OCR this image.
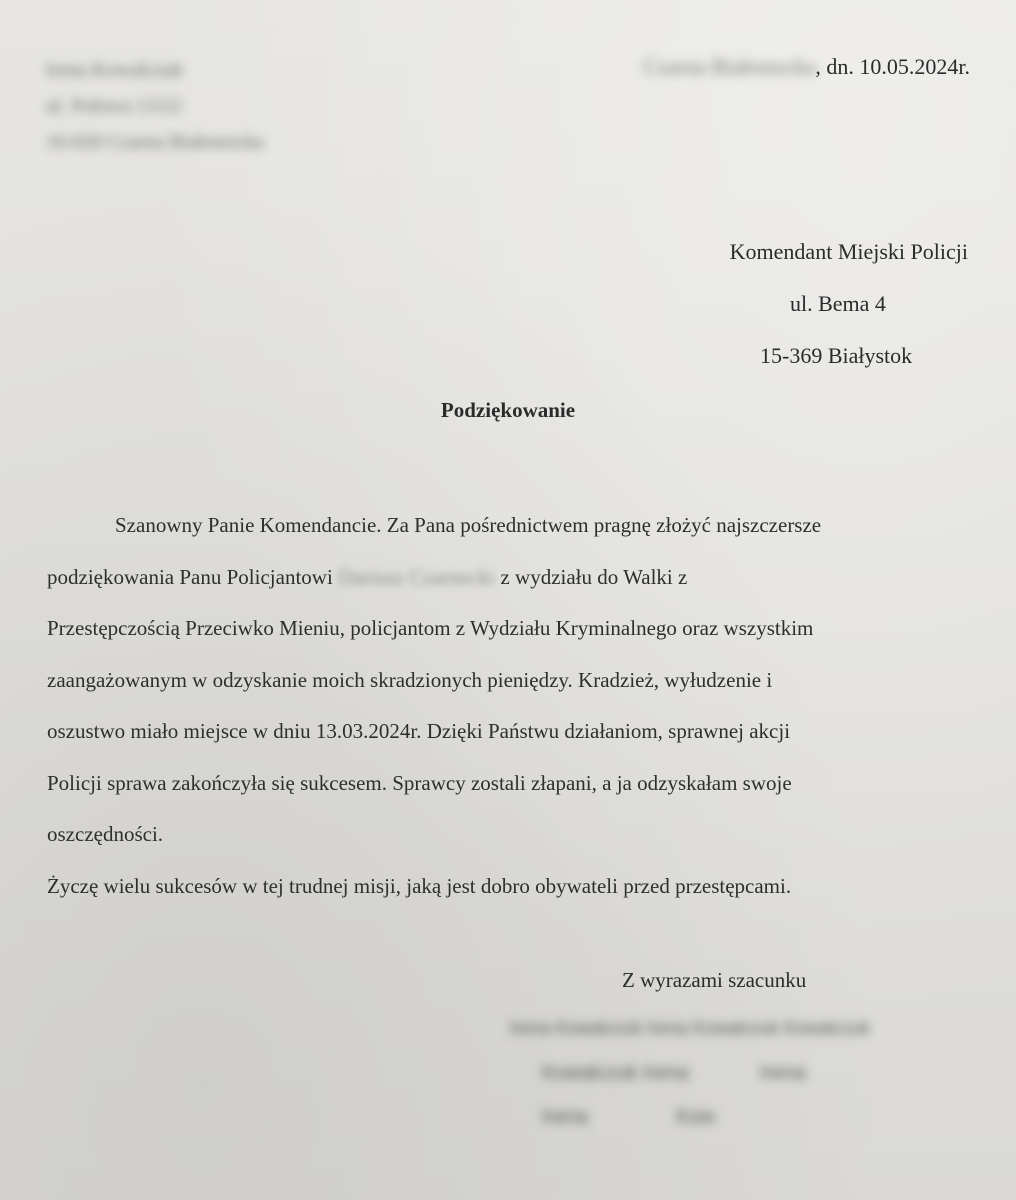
Irena Kowalczuk
ul. Polowa 13/22
16-020 Czarna Białostocka
Czarna Białostocka, dn. 10.05.2024r.
Komendant Miejski Policji
ul. Bema 4
15-369 Białystok
Podziękowanie
Szanowny Panie Komendancie. Za Pana pośrednictwem pragnę złożyć najszczersze
podziękowania Panu Policjantowi Dariusz Czarnecki z wydziału do Walki z
Przestępczością Przeciwko Mieniu, policjantom z Wydziału Kryminalnego oraz wszystkim
zaangażowanym w odzyskanie moich skradzionych pieniędzy. Kradzież, wyłudzenie i
oszustwo miało miejsce w dniu 13.03.2024r. Dzięki Państwu działaniom, sprawnej akcji
Policji sprawa zakończyła się sukcesem. Sprawcy zostali złapani, a ja odzyskałam swoje
oszczędności.
Życzę wielu sukcesów w tej trudnej misji, jaką jest dobro obywateli przed przestępcami.
Z wyrazami szacunku
Irena Kowalczuk Irena Kowalczuk Kowalczuk
Kowalczuk Irena	Irena
Irena	Kow
